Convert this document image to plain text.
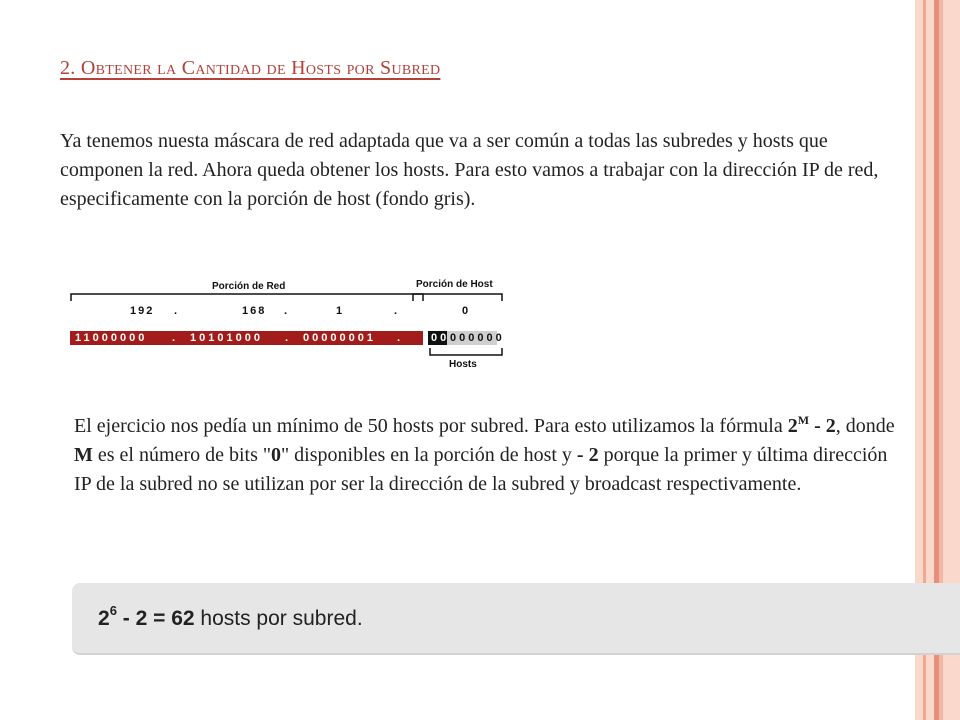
2. Obtener la Cantidad de Hosts por Subred
Ya tenemos nuesta máscara de red adaptada que va a ser común a todas las subredes y hosts que componen la red. Ahora queda obtener los hosts. Para esto vamos a trabajar con la dirección IP de red, especificamente con la porción de host (fondo gris).
Porción de Red	Porción de Host
192 .	168 .	1	.	0
11000000 . 10101000 . 00000001 .	00 000000
Hosts
El ejercicio nos pedía un mínimo de 50 hosts por subred. Para esto utilizamos la fórmula $2^M - 2$, donde M es el número de bits "0" disponibles en la porción de host y - 2 porque la primer y última dirección IP de la subred no se utilizan por ser la dirección de la subred y broadcast respectivamente.
$2^6 - 2 = 62$ hosts por subred.
